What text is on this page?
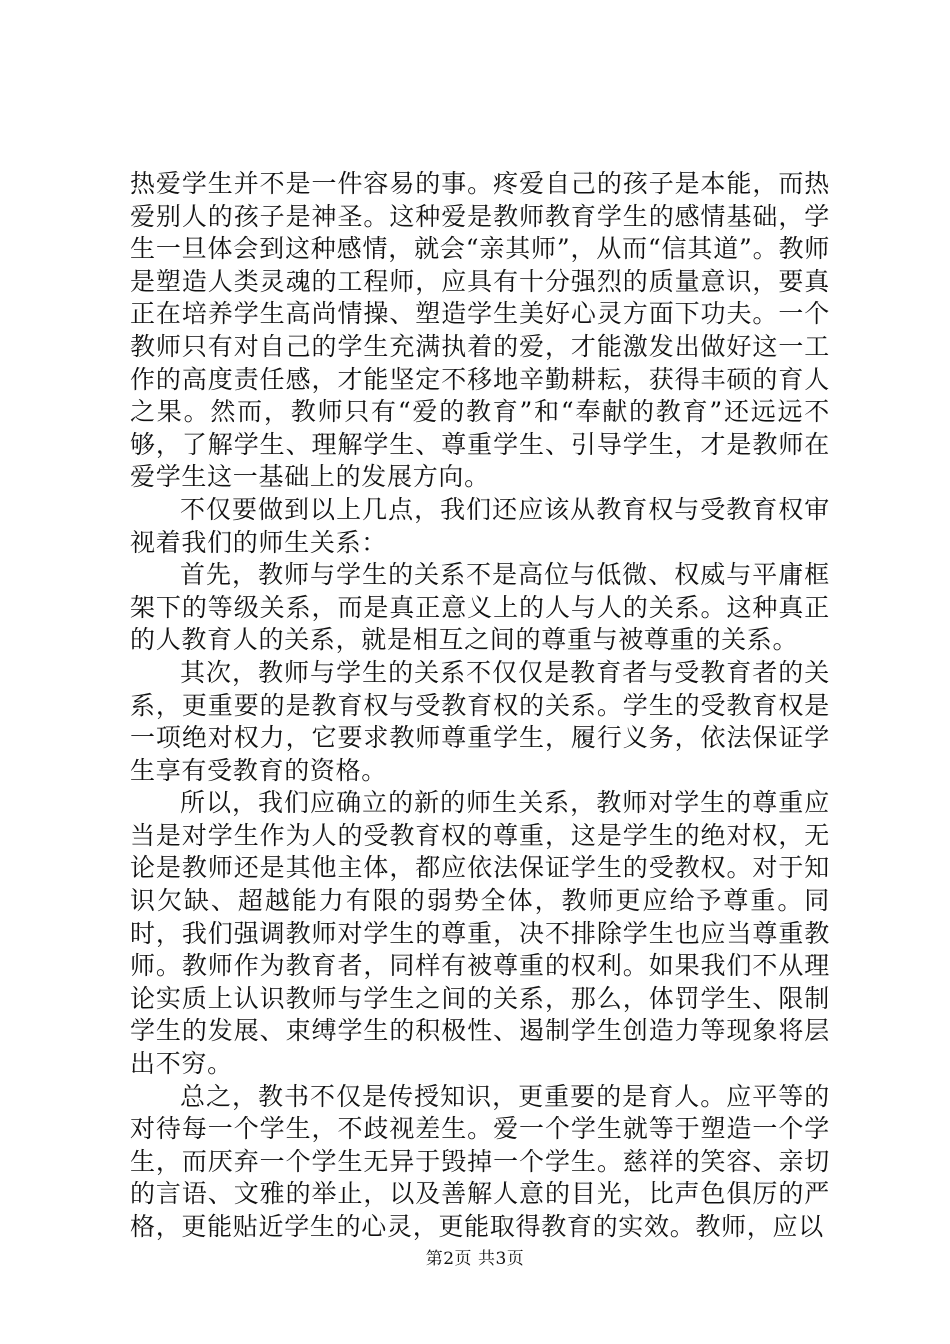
热爱学生并不是一件容易的事。疼爱自己的孩子是本能，而热爱别人的孩子是神圣。这种爱是教师教育学生的感情基础，学生一旦体会到这种感情，就会“亲其师”，从而“信其道”。教师是塑造人类灵魂的工程师，应具有十分强烈的质量意识，要真正在培养学生高尚情操、塑造学生美好心灵方面下功夫。一个教师只有对自己的学生充满执着的爱，才能激发出做好这一工作的高度责任感，才能坚定不移地辛勤耕耘，获得丰硕的育人之果。然而，教师只有“爱的教育”和“奉献的教育”还远远不够，了解学生、理解学生、尊重学生、引导学生，才是教师在爱学生这一基础上的发展方向。

不仅要做到以上几点，我们还应该从教育权与受教育权审视着我们的师生关系：

首先，教师与学生的关系不是高位与低微、权威与平庸框架下的等级关系，而是真正意义上的人与人的关系。这种真正的人教育人的关系，就是相互之间的尊重与被尊重的关系。

其次，教师与学生的关系不仅仅是教育者与受教育者的关系，更重要的是教育权与受教育权的关系。学生的受教育权是一项绝对权力，它要求教师尊重学生，履行义务，依法保证学生享有受教育的资格。

所以，我们应确立的新的师生关系，教师对学生的尊重应当是对学生作为人的受教育权的尊重，这是学生的绝对权，无论是教师还是其他主体，都应依法保证学生的受教权。对于知识欠缺、超越能力有限的弱势全体，教师更应给予尊重。同时，我们强调教师对学生的尊重，决不排除学生也应当尊重教师。教师作为教育者，同样有被尊重的权利。如果我们不从理论实质上认识教师与学生之间的关系，那么，体罚学生、限制学生的发展、束缚学生的积极性、遏制学生创造力等现象将层出不穷。

总之，教书不仅是传授知识，更重要的是育人。应平等的对待每一个学生，不歧视差生。爱一个学生就等于塑造一个学生，而厌弃一个学生无异于毁掉一个学生。慈祥的笑容、亲切的言语、文雅的举止，以及善解人意的目光，比声色俱厉的严格，更能贴近学生的心灵，更能取得教育的实效。教师，应以

第2页 共3页
